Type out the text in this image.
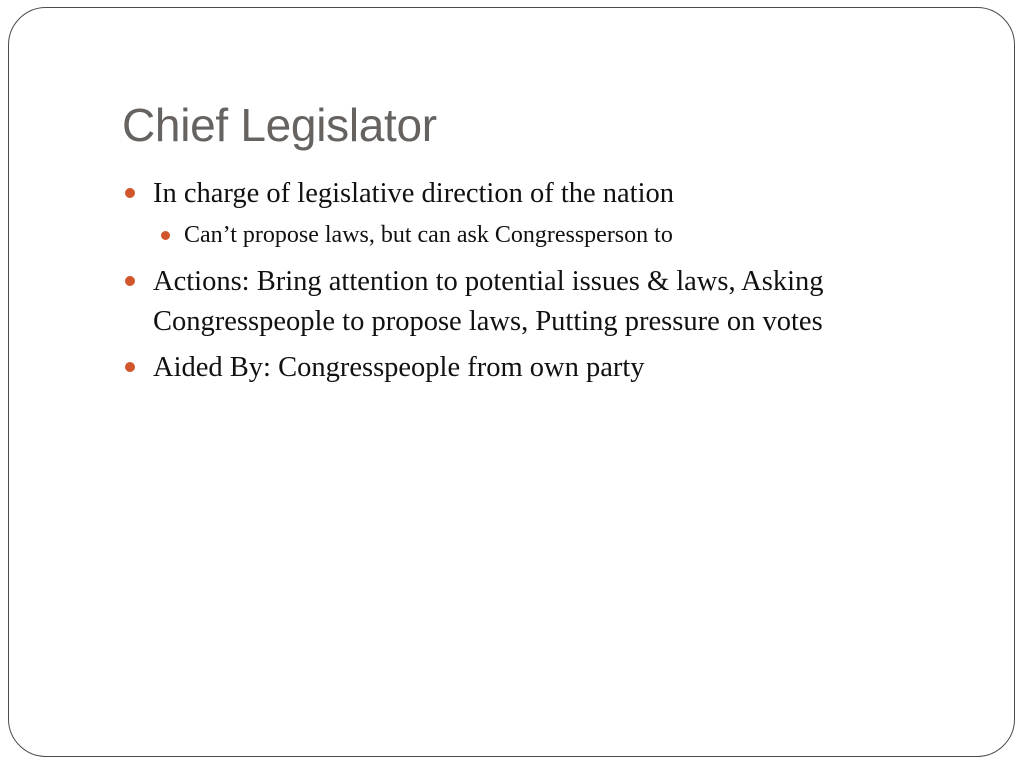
Chief Legislator

In charge of legislative direction of the nation

Can’t propose laws, but can ask Congressperson to

Actions: Bring attention to potential issues & laws, Asking Congresspeople to propose laws, Putting pressure on votes

Aided By: Congresspeople from own party
